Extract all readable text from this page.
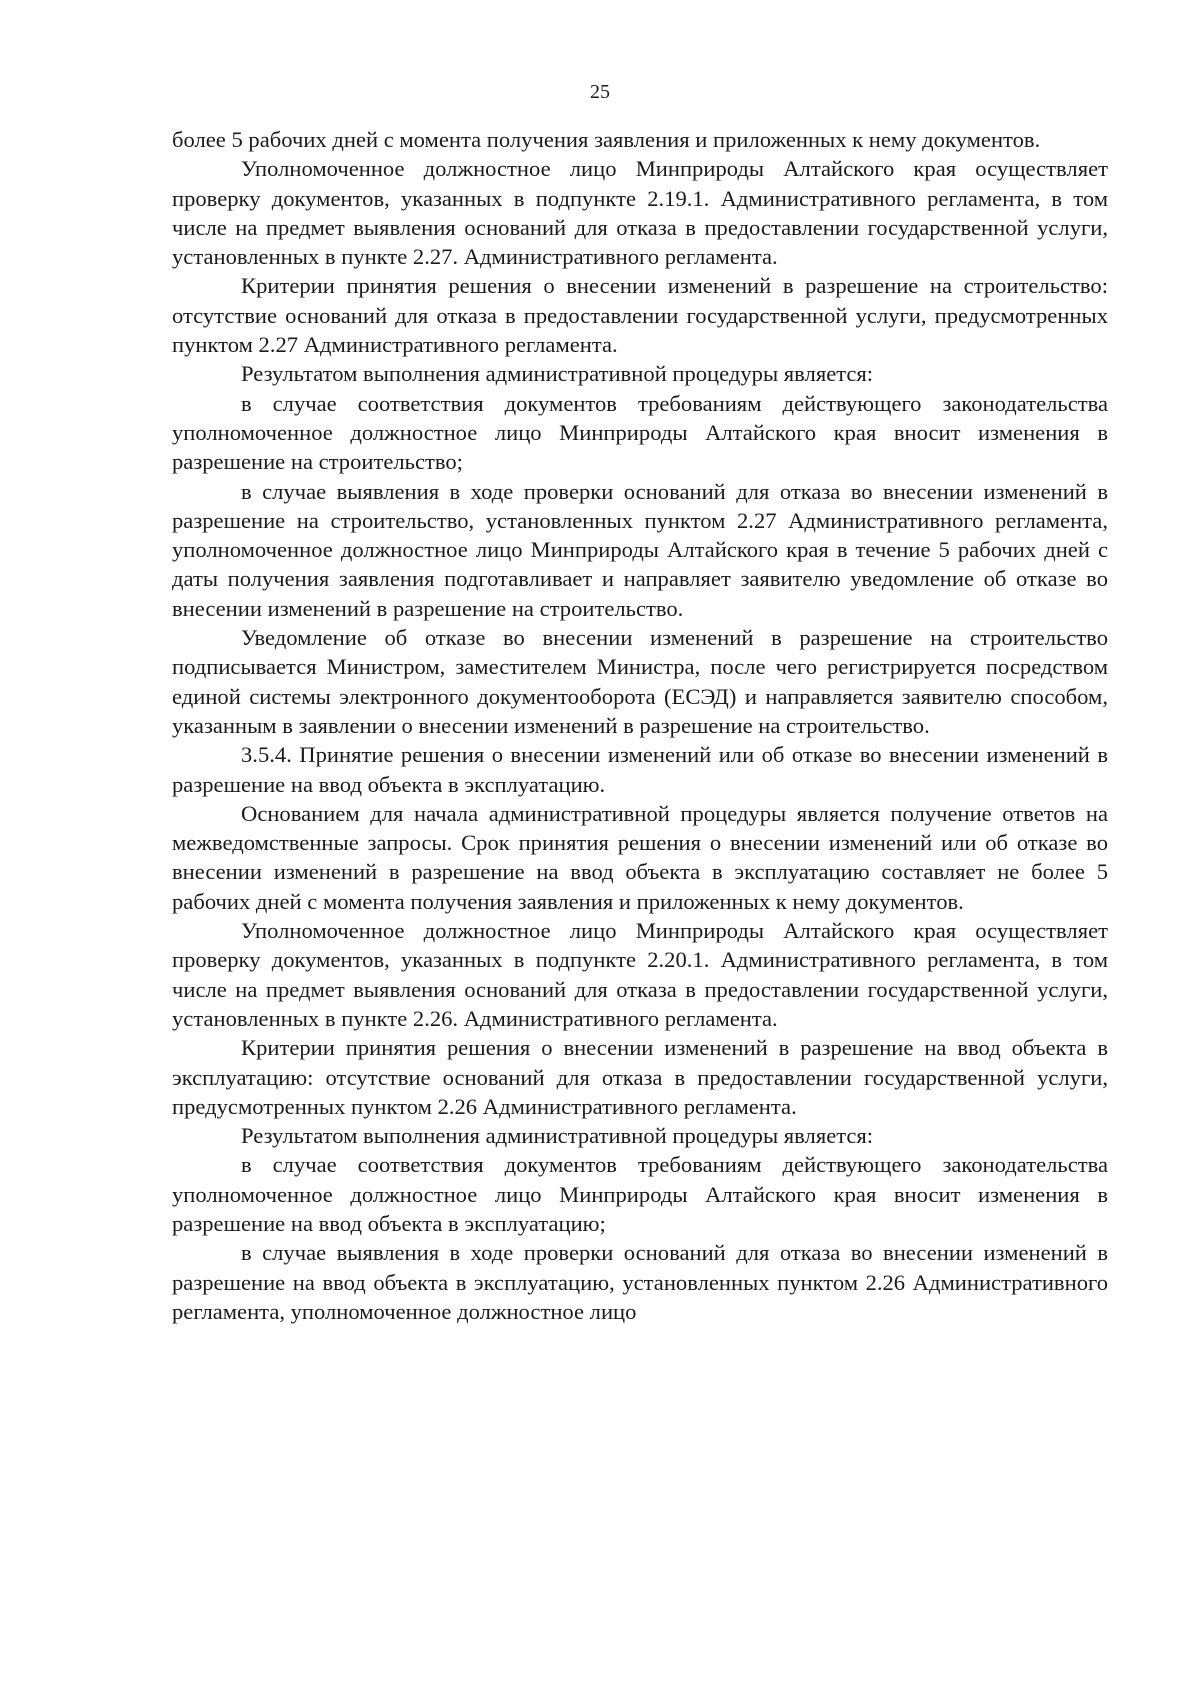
25

более 5 рабочих дней с момента получения заявления и приложенных к нему документов.

Уполномоченное должностное лицо Минприроды Алтайского края осуществляет проверку документов, указанных в подпункте 2.19.1. Административного регламента, в том числе на предмет выявления оснований для отказа в предоставлении государственной услуги, установленных в пункте 2.27. Административного регламента.

Критерии принятия решения о внесении изменений в разрешение на строительство: отсутствие оснований для отказа в предоставлении государственной услуги, предусмотренных пунктом 2.27 Административного регламента.

Результатом выполнения административной процедуры является:

в случае соответствия документов требованиям действующего законодательства уполномоченное должностное лицо Минприроды Алтайского края вносит изменения в разрешение на строительство;

в случае выявления в ходе проверки оснований для отказа во внесении изменений в разрешение на строительство, установленных пунктом 2.27 Административного регламента, уполномоченное должностное лицо Минприроды Алтайского края в течение 5 рабочих дней с даты получения заявления подготавливает и направляет заявителю уведомление об отказе во внесении изменений в разрешение на строительство.

Уведомление об отказе во внесении изменений в разрешение на строительство подписывается Министром, заместителем Министра, после чего регистрируется посредством единой системы электронного документооборота (ЕСЭД) и направляется заявителю способом, указанным в заявлении о внесении изменений в разрешение на строительство.

3.5.4. Принятие решения о внесении изменений или об отказе во внесении изменений в разрешение на ввод объекта в эксплуатацию.

Основанием для начала административной процедуры является получение ответов на межведомственные запросы. Срок принятия решения о внесении изменений или об отказе во внесении изменений в разрешение на ввод объекта в эксплуатацию составляет не более 5 рабочих дней с момента получения заявления и приложенных к нему документов.

Уполномоченное должностное лицо Минприроды Алтайского края осуществляет проверку документов, указанных в подпункте 2.20.1. Административного регламента, в том числе на предмет выявления оснований для отказа в предоставлении государственной услуги, установленных в пункте 2.26. Административного регламента.

Критерии принятия решения о внесении изменений в разрешение на ввод объекта в эксплуатацию: отсутствие оснований для отказа в предоставлении государственной услуги, предусмотренных пунктом 2.26 Административного регламента.

Результатом выполнения административной процедуры является:

в случае соответствия документов требованиям действующего законодательства уполномоченное должностное лицо Минприроды Алтайского края вносит изменения в разрешение на ввод объекта в эксплуатацию;

в случае выявления в ходе проверки оснований для отказа во внесении изменений в разрешение на ввод объекта в эксплуатацию, установленных пунктом 2.26 Административного регламента, уполномоченное должностное лицо
